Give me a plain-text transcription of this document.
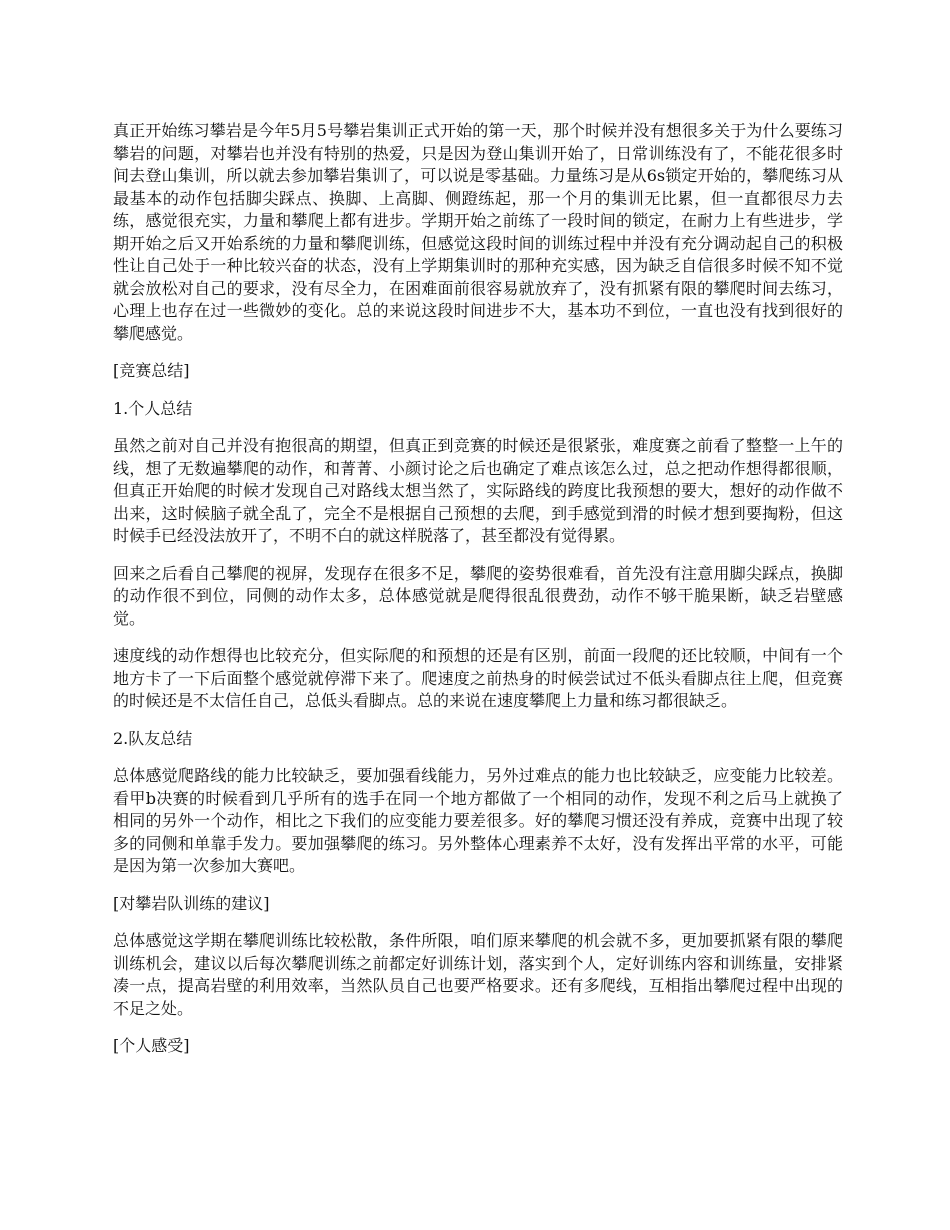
真正开始练习攀岩是今年5月5号攀岩集训正式开始的第一天，那个时候并没有想很多关于为什么要练习攀岩的问题，对攀岩也并没有特别的热爱，只是因为登山集训开始了，日常训练没有了，不能花很多时间去登山集训，所以就去参加攀岩集训了，可以说是零基础。力量练习是从6s锁定开始的，攀爬练习从最基本的动作包括脚尖踩点、换脚、上高脚、侧蹬练起，那一个月的集训无比累，但一直都很尽力去练，感觉很充实，力量和攀爬上都有进步。学期开始之前练了一段时间的锁定，在耐力上有些进步，学期开始之后又开始系统的力量和攀爬训练，但感觉这段时间的训练过程中并没有充分调动起自己的积极性让自己处于一种比较兴奋的状态，没有上学期集训时的那种充实感，因为缺乏自信很多时候不知不觉就会放松对自己的要求，没有尽全力，在困难面前很容易就放弃了，没有抓紧有限的攀爬时间去练习，心理上也存在过一些微妙的变化。总的来说这段时间进步不大，基本功不到位，一直也没有找到很好的攀爬感觉。

[竞赛总结]

1.个人总结

虽然之前对自己并没有抱很高的期望，但真正到竞赛的时候还是很紧张，难度赛之前看了整整一上午的线，想了无数遍攀爬的动作，和菁菁、小颜讨论之后也确定了难点该怎么过，总之把动作想得都很顺，但真正开始爬的时候才发现自己对路线太想当然了，实际路线的跨度比我预想的要大，想好的动作做不出来，这时候脑子就全乱了，完全不是根据自己预想的去爬，到手感觉到滑的时候才想到要掏粉，但这时候手已经没法放开了，不明不白的就这样脱落了，甚至都没有觉得累。

回来之后看自己攀爬的视屏，发现存在很多不足，攀爬的姿势很难看，首先没有注意用脚尖踩点，换脚的动作很不到位，同侧的动作太多，总体感觉就是爬得很乱很费劲，动作不够干脆果断，缺乏岩壁感觉。

速度线的动作想得也比较充分，但实际爬的和预想的还是有区别，前面一段爬的还比较顺，中间有一个地方卡了一下后面整个感觉就停滞下来了。爬速度之前热身的时候尝试过不低头看脚点往上爬，但竞赛的时候还是不太信任自己，总低头看脚点。总的来说在速度攀爬上力量和练习都很缺乏。

2.队友总结

总体感觉爬路线的能力比较缺乏，要加强看线能力，另外过难点的能力也比较缺乏，应变能力比较差。看甲b决赛的时候看到几乎所有的选手在同一个地方都做了一个相同的动作，发现不利之后马上就换了相同的另外一个动作，相比之下我们的应变能力要差很多。好的攀爬习惯还没有养成，竞赛中出现了较多的同侧和单靠手发力。要加强攀爬的练习。另外整体心理素养不太好，没有发挥出平常的水平，可能是因为第一次参加大赛吧。

[对攀岩队训练的建议]

总体感觉这学期在攀爬训练比较松散，条件所限，咱们原来攀爬的机会就不多，更加要抓紧有限的攀爬训练机会，建议以后每次攀爬训练之前都定好训练计划，落实到个人，定好训练内容和训练量，安排紧凑一点，提高岩壁的利用效率，当然队员自己也要严格要求。还有多爬线，互相指出攀爬过程中出现的不足之处。

[个人感受]
